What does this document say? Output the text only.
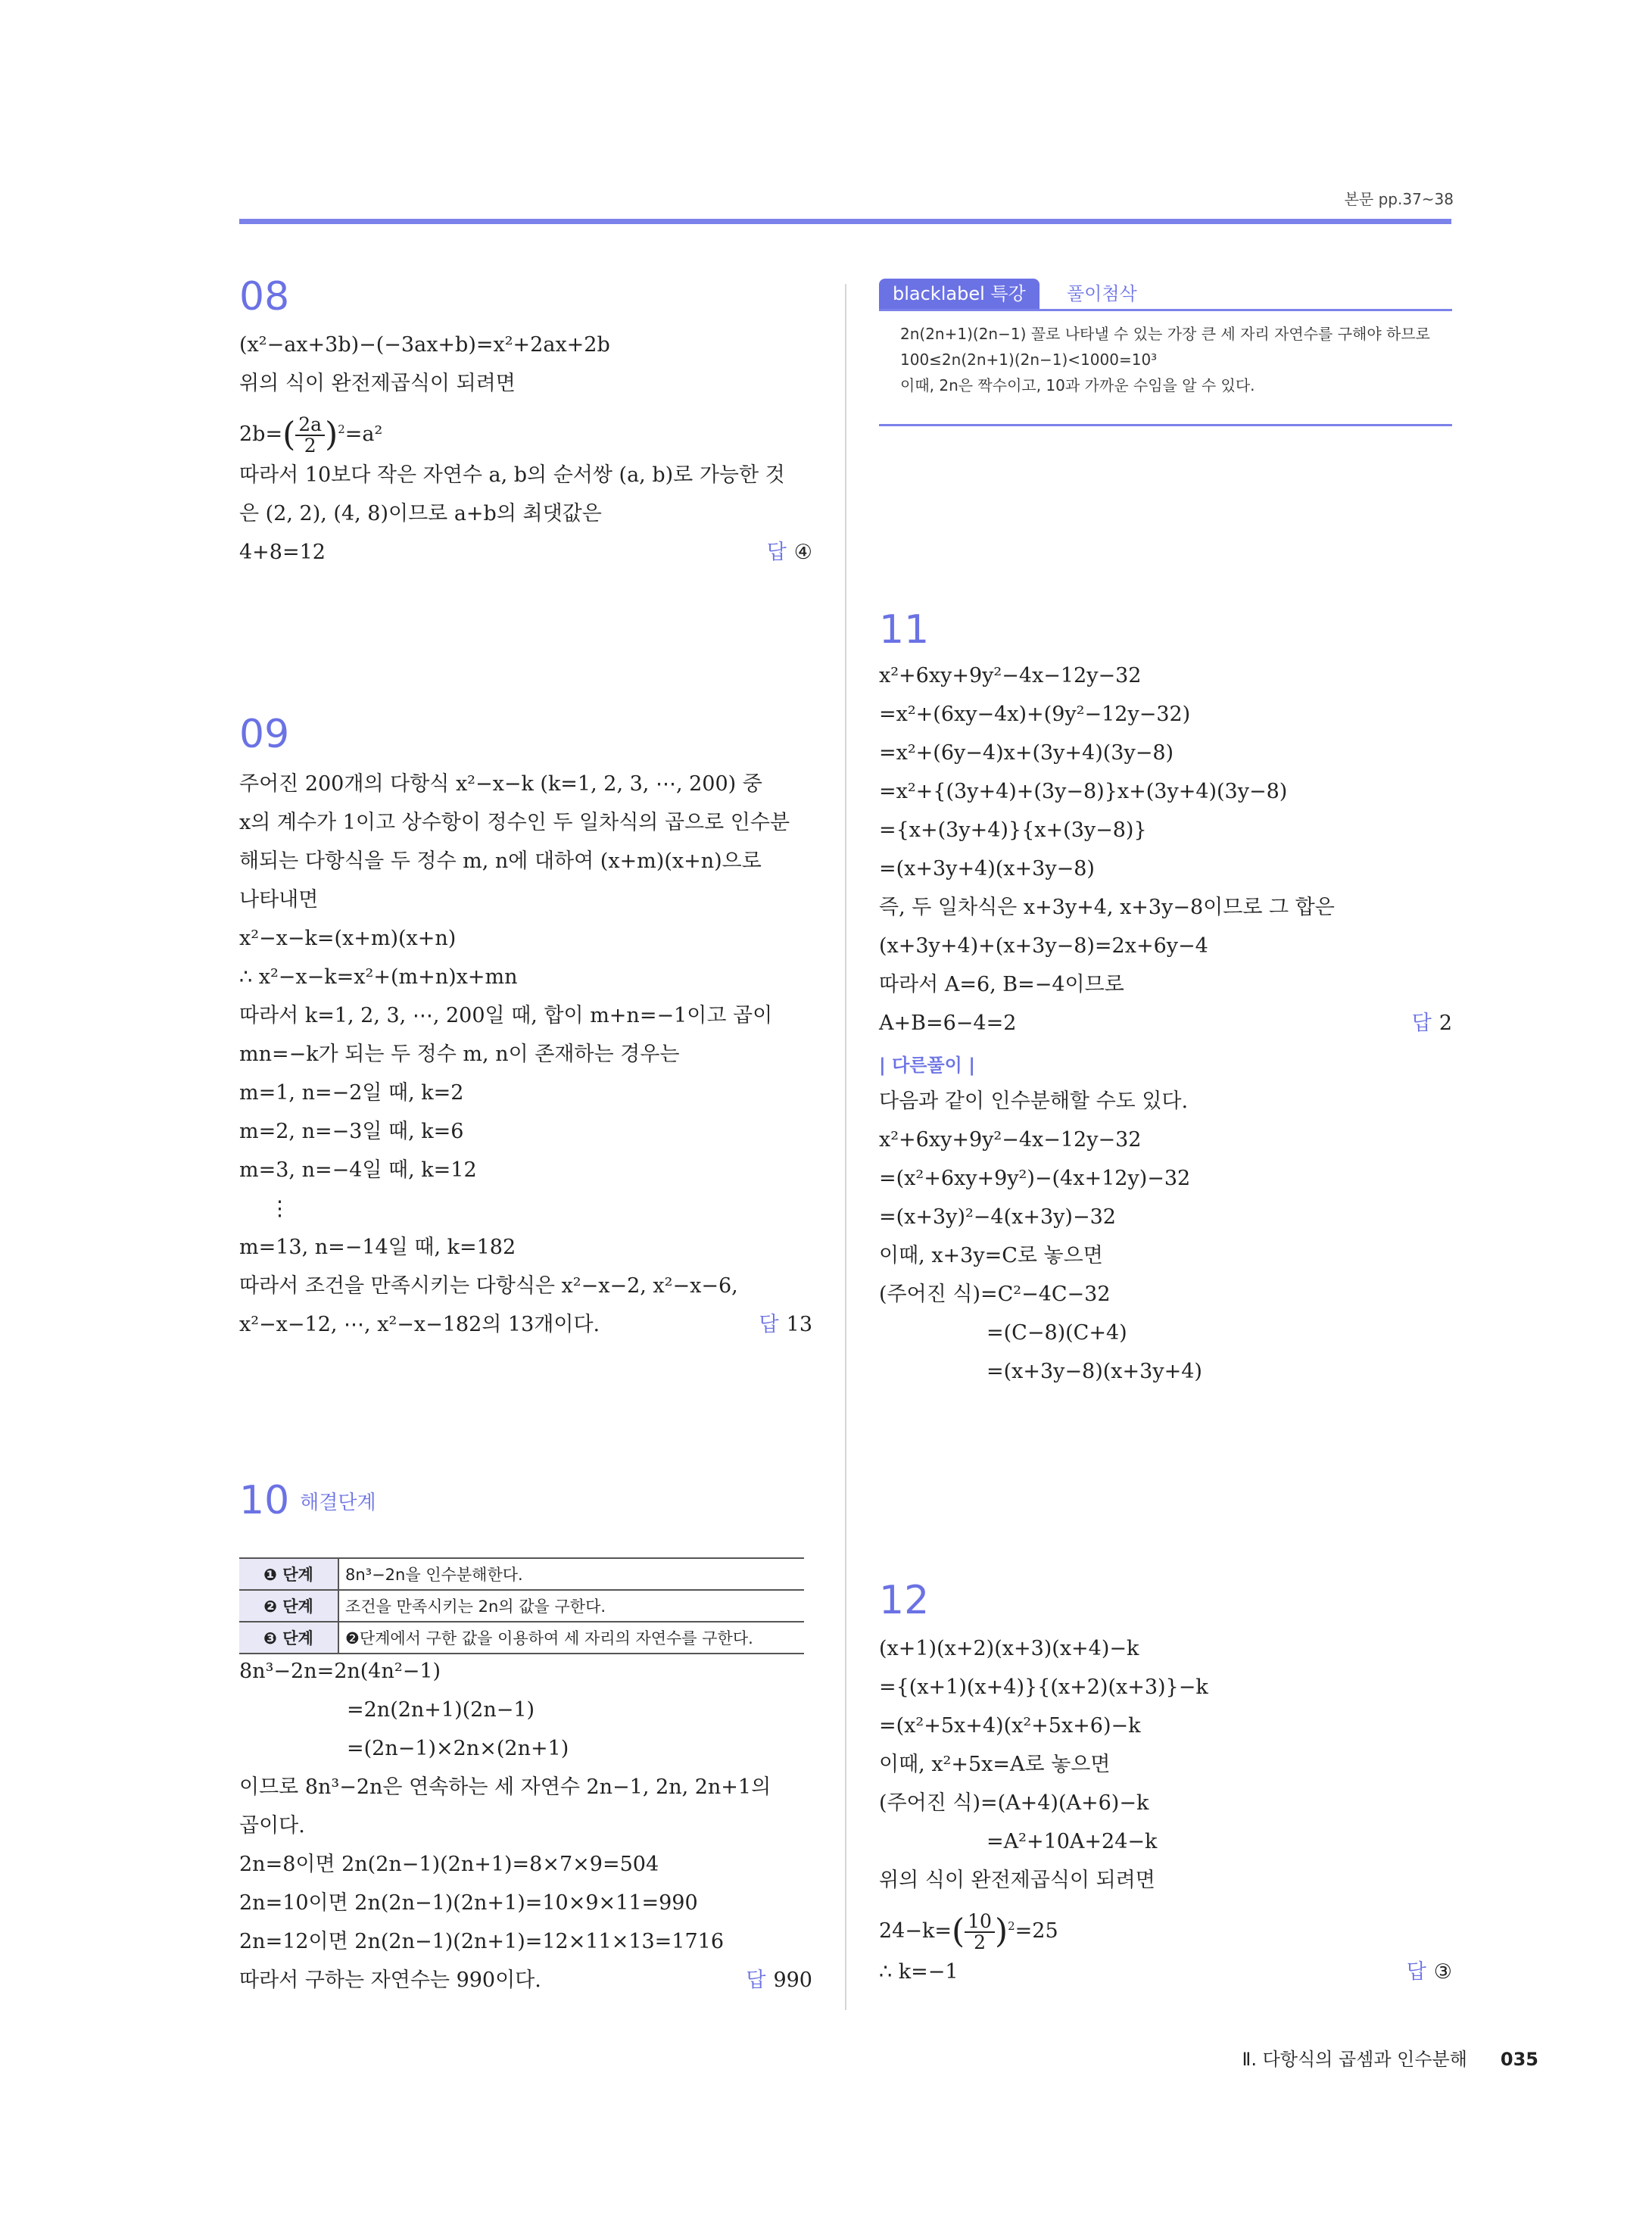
본문 pp.37~38
08
(x²−ax+3b)−(−3ax+b)=x²+2ax+2b
위의 식이 완전제곱식이 되려면
$2b=( \frac{2a}{2} )^2=a^2$
따라서 10보다 작은 자연수 a, b의 순서쌍 (a, b)로 가능한 것
은 (2, 2), (4, 8)이므로 a+b의 최댓값은
4+8=12	답 ④
09
주어진 200개의 다항식 x²−x−k (k=1, 2, 3, ⋯, 200) 중
x의 계수가 1이고 상수항이 정수인 두 일차식의 곱으로 인수분
해되는 다항식을 두 정수 m, n에 대하여 (x+m)(x+n)으로
나타내면
x²−x−k=(x+m)(x+n)
∴ x²−x−k=x²+(m+n)x+mn
따라서 k=1, 2, 3, ⋯, 200일 때, 합이 m+n=−1이고 곱이
mn=−k가 되는 두 정수 m, n이 존재하는 경우는
m=1, n=−2일 때, k=2
m=2, n=−3일 때, k=6
m=3, n=−4일 때, k=12
⋮
m=13, n=−14일 때, k=182
따라서 조건을 만족시키는 다항식은 x²−x−2, x²−x−6,
x²−x−12, ⋯, x²−x−182의 13개이다.	답 13
10 $^{해결단계}$
❶ 단계	8n³−2n을 인수분해한다.
❷ 단계	조건을 만족시키는 2n의 값을 구한다.
❸ 단계	❷단계에서 구한 값을 이용하여 세 자리의 자연수를 구한다.
8n³−2n=2n(4n²−1)
=2n(2n+1)(2n−1)
=(2n−1)×2n×(2n+1)
이므로 8n³−2n은 연속하는 세 자연수 2n−1, 2n, 2n+1의
곱이다.
2n=8이면 2n(2n−1)(2n+1)=8×7×9=504
2n=10이면 2n(2n−1)(2n+1)=10×9×11=990
2n=12이면 2n(2n−1)(2n+1)=12×11×13=1716
따라서 구하는 자연수는 990이다.	답 990
blacklabel 특강	풀이첨삭
2n(2n+1)(2n−1) 꼴로 나타낼 수 있는 가장 큰 세 자리 자연수를 구해야 하므로
100≤2n(2n+1)(2n−1)<1000=10³
이때, 2n은 짝수이고, 10과 가까운 수임을 알 수 있다.
11
x²+6xy+9y²−4x−12y−32
=x²+(6xy−4x)+(9y²−12y−32)
=x²+(6y−4)x+(3y+4)(3y−8)
=x²+{(3y+4)+(3y−8)}x+(3y+4)(3y−8)
={x+(3y+4)}{x+(3y−8)}
=(x+3y+4)(x+3y−8)
즉, 두 일차식은 x+3y+4, x+3y−8이므로 그 합은
(x+3y+4)+(x+3y−8)=2x+6y−4
따라서 A=6, B=−4이므로
A+B=6−4=2	답 2
| 다른풀이 |
다음과 같이 인수분해할 수도 있다.
x²+6xy+9y²−4x−12y−32
=(x²+6xy+9y²)−(4x+12y)−32
=(x+3y)²−4(x+3y)−32
이때, x+3y=C로 놓으면
(주어진 식)=C²−4C−32
=(C−8)(C+4)
=(x+3y−8)(x+3y+4)
12
(x+1)(x+2)(x+3)(x+4)−k
={(x+1)(x+4)}{(x+2)(x+3)}−k
=(x²+5x+4)(x²+5x+6)−k
이때, x²+5x=A로 놓으면
(주어진 식)=(A+4)(A+6)−k
=A²+10A+24−k
위의 식이 완전제곱식이 되려면
$24-k=( \frac{10}{2} )^2=25$
∴ k=−1	답 ③
Ⅱ. 다항식의 곱셈과 인수분해 035
